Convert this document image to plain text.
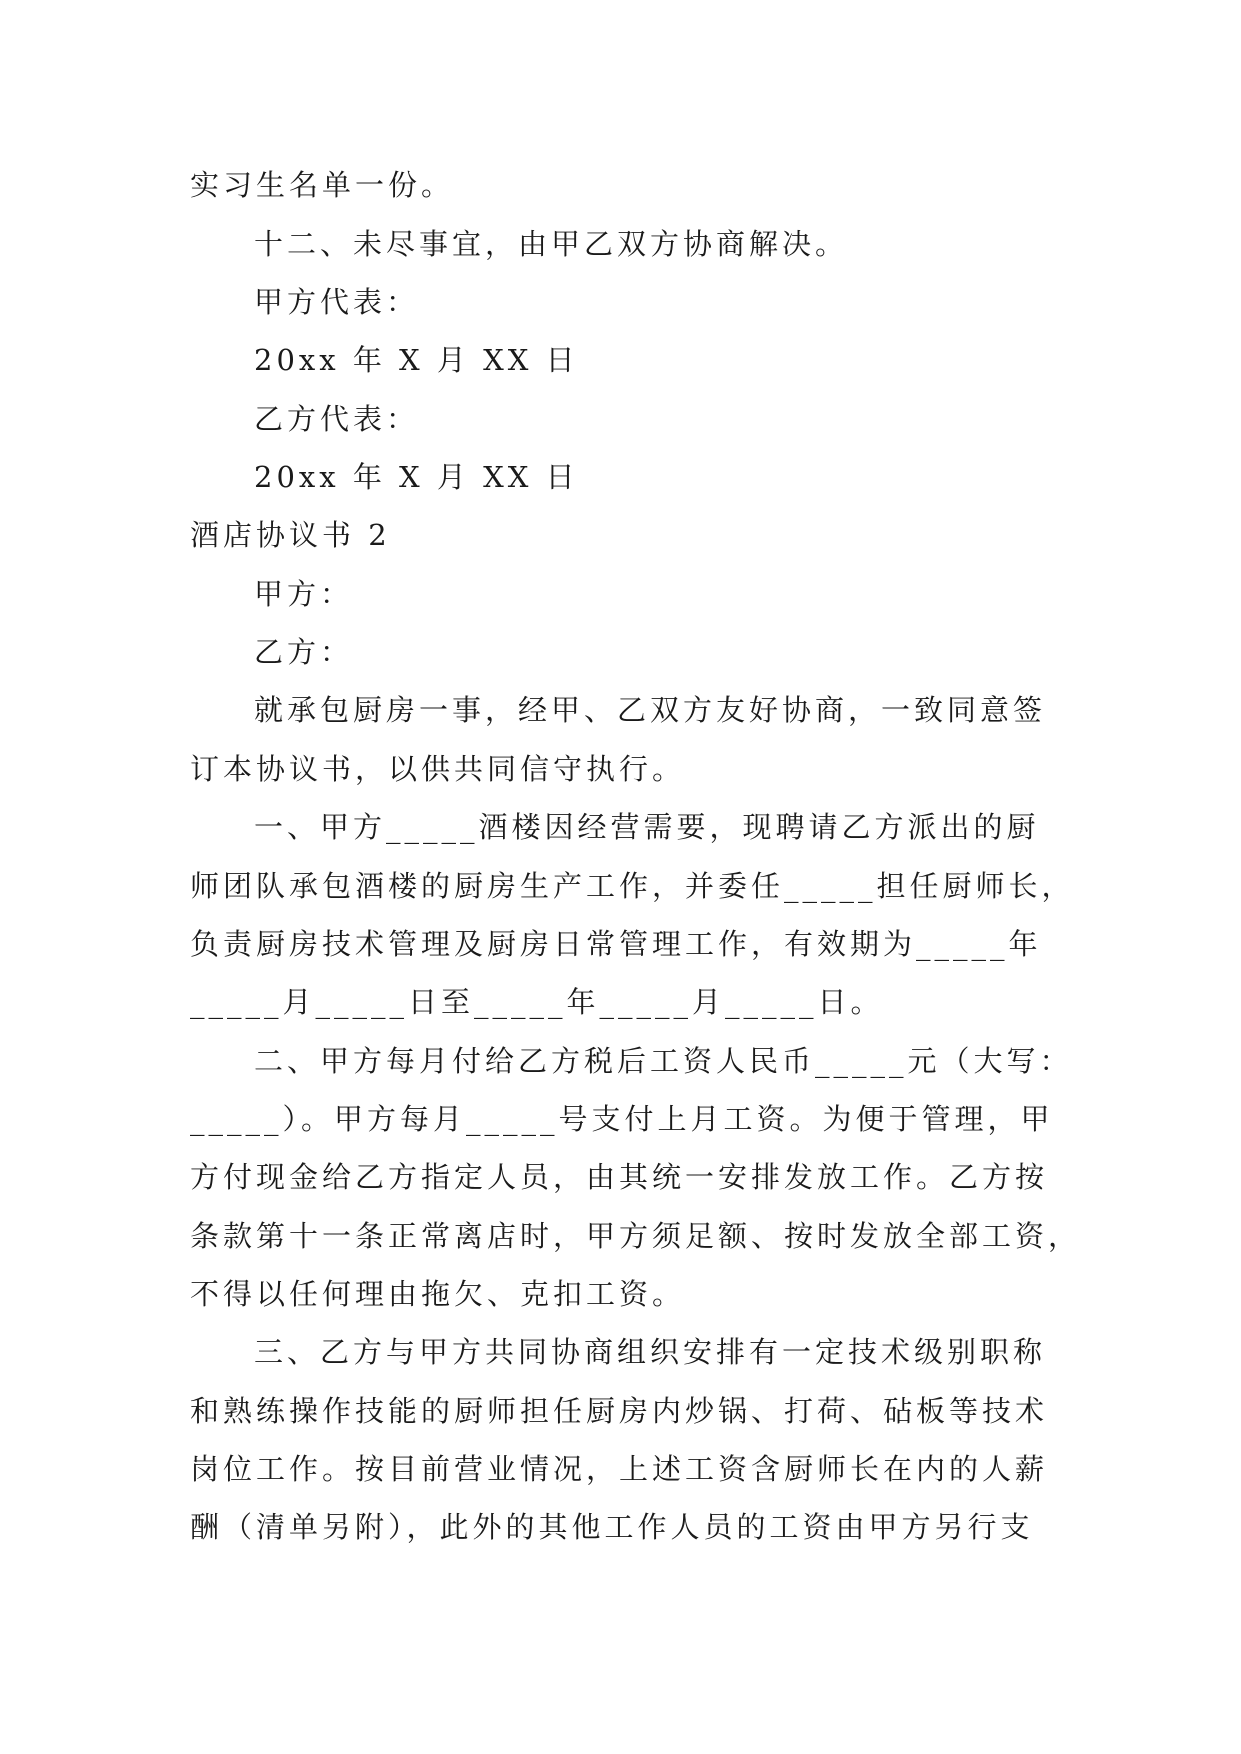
实习生名单一份。
十二、未尽事宜，由甲乙双方协商解决。
甲方代表：
20xx 年 X 月 XX 日
乙方代表：
20xx 年 X 月 XX 日
酒店协议书 2
甲方：
乙方：
就承包厨房一事，经甲、乙双方友好协商，一致同意签
订本协议书，以供共同信守执行。
一、甲方_____酒楼因经营需要，现聘请乙方派出的厨
师团队承包酒楼的厨房生产工作，并委任_____担任厨师长，
负责厨房技术管理及厨房日常管理工作，有效期为_____年
_____月_____日至_____年_____月_____日。
二、甲方每月付给乙方税后工资人民币_____元（大写：
_____）。甲方每月_____号支付上月工资。为便于管理，甲
方付现金给乙方指定人员，由其统一安排发放工作。乙方按
条款第十一条正常离店时，甲方须足额、按时发放全部工资，
不得以任何理由拖欠、克扣工资。
三、乙方与甲方共同协商组织安排有一定技术级别职称
和熟练操作技能的厨师担任厨房内炒锅、打荷、砧板等技术
岗位工作。按目前营业情况，上述工资含厨师长在内的人薪
酬（清单另附），此外的其他工作人员的工资由甲方另行支
